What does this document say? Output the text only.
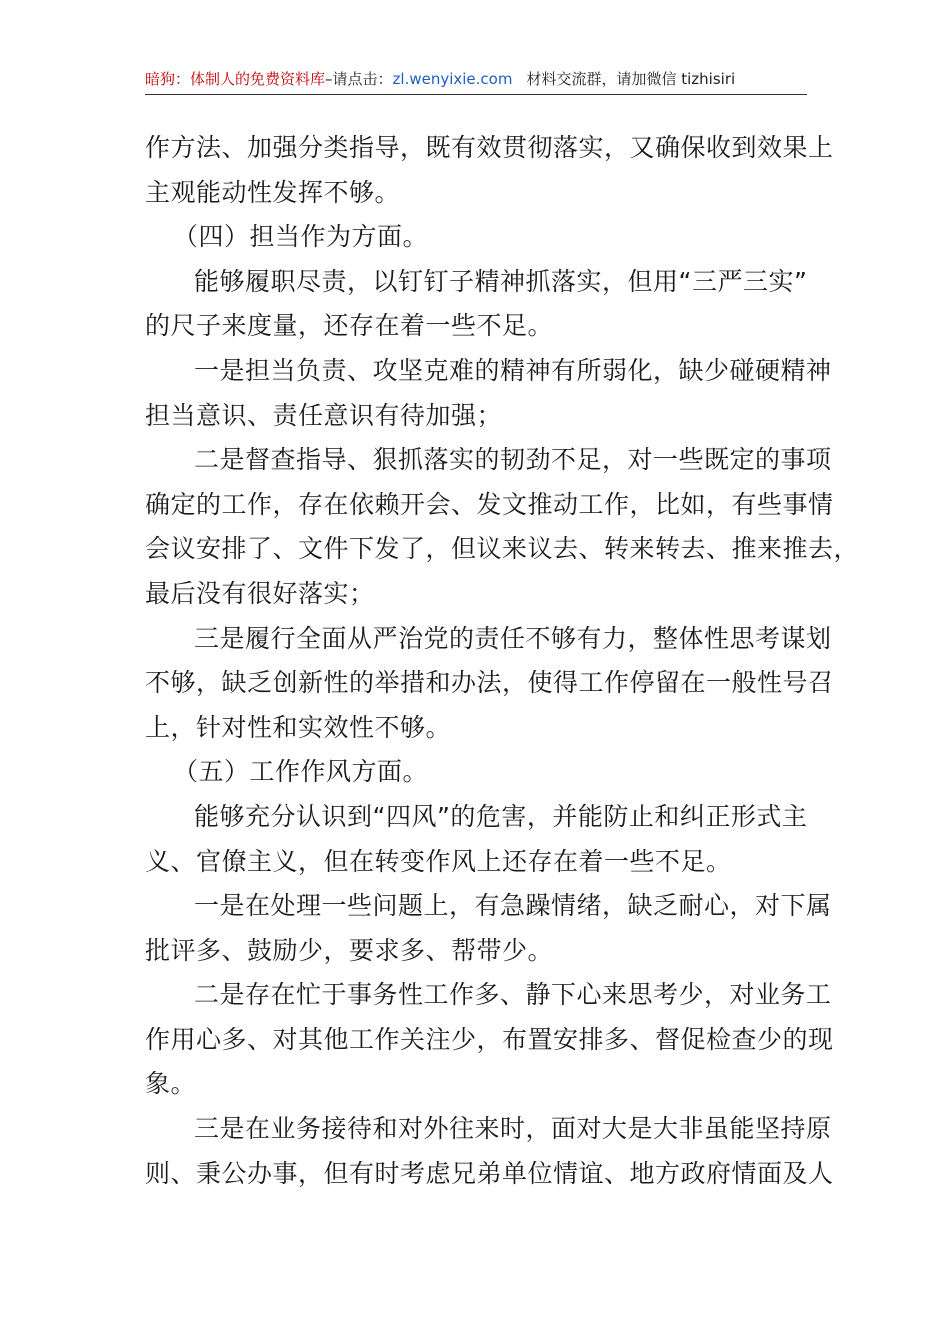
暗狗：体制人的免费资料库–请点击：zl.wenyixie.com 材料交流群，请加微信 tizhisiri
作方法、加强分类指导，既有效贯彻落实，又确保收到效果上
主观能动性发挥不够。
（四）担当作为方面。
能够履职尽责，以钉钉子精神抓落实，但用“三严三实”
的尺子来度量，还存在着一些不足。
一是担当负责、攻坚克难的精神有所弱化，缺少碰硬精神
担当意识、责任意识有待加强；
二是督查指导、狠抓落实的韧劲不足，对一些既定的事项
确定的工作，存在依赖开会、发文推动工作，比如，有些事情
会议安排了、文件下发了，但议来议去、转来转去、推来推去，
最后没有很好落实；
三是履行全面从严治党的责任不够有力，整体性思考谋划
不够，缺乏创新性的举措和办法，使得工作停留在一般性号召
上，针对性和实效性不够。
（五）工作作风方面。
能够充分认识到“四风”的危害，并能防止和纠正形式主
义、官僚主义，但在转变作风上还存在着一些不足。
一是在处理一些问题上，有急躁情绪，缺乏耐心，对下属
批评多、鼓励少，要求多、帮带少。
二是存在忙于事务性工作多、静下心来思考少，对业务工
作用心多、对其他工作关注少，布置安排多、督促检查少的现
象。
三是在业务接待和对外往来时，面对大是大非虽能坚持原
则、秉公办事，但有时考虑兄弟单位情谊、地方政府情面及人
